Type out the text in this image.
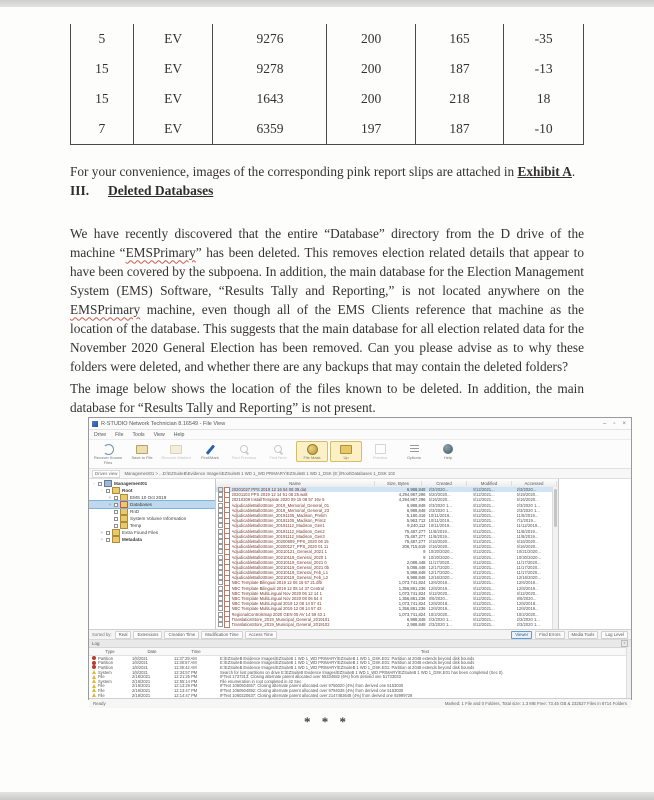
5	EV	9276	200	165	-35
15	EV	9278	200	187	-13
15	EV	1643	200	218	18
7	EV	6359	197	187	-10

For your convenience, images of the corresponding pink report slips are attached in Exhibit A.

III. Deleted Databases

We have recently discovered that the entire “Database” directory from the D drive of the machine “EMSPrimary” has been deleted. This removes election related details that appear to have been covered by the subpoena. In addition, the main database for the Election Management System (EMS) Software, “Results Tally and Reporting,” is not located anywhere on the EMSPrimary machine, even though all of the EMS Clients reference that machine as the location of the database. This suggests that the main database for all election related data for the November 2020 General Election has been removed. Can you please advise as to why these folders were deleted, and whether there are any backups that may contain the deleted folders?

The image below shows the location of the files known to be deleted. In addition, the main database for “Results Tally and Reporting” is not present.

R-STUDIO Network Technician 8.16549 - File View	– ▫ ×
Drive File Tools View Help
Recover Known Files
Save to File Recover Marked	Find/Mark	Find Previous	Find Next	File Mask	Up	Preview	Options	Help
Drives view	Management01 > ...D:\EZSuiteB\Evidence Images\EZSuiteB 1 WD 1_WD PRIMARY\EZSuiteB 1 WD 1_DSK (E:)\Root\Databases 1_DSK 102
-	Management01
-	Root
+	EMS 10 Oct 2019
+	Databases
RnD
System Volume Information
Temp
+	Extra Found Files
+	Metadata
Name	Size, Bytes	Created	Modified	Accessed
20201027 PPS 2019 12 16 54 08 39.dat	6,988,848 2/3/2020...	4/12/2021...	2/3/2020...
20201103 PPS 2019 12 14 51 08 25.walt	4,294,967,296 5/20/2020...	4/12/2021...	5/19/2020...
20210309 InstallTemplate 2020 09 15 08 57 16v 5	4,294,967,296 5/16/2020...	4/12/2021...	5/16/2020...
AdjudicableBallotStore_2019_Memorial_General_01	6,988,848 2/3/2020 1...	4/12/2021...	2/3/2020 1...
AdjudicableBallotStore_2019_Memorial_General_23	6,988,848 2/3/2020 1...	4/12/2021...	2/3/2020 1...
AdjudicableBallotStore_20191105_Madison_Prelim	5,180,416 10/11/2019...	4/12/2021...	11/5/2019...
AdjudicableBallotStore_20191105_Madison_Prim2	5,963,712 10/11/2019...	4/12/2021...	7/1/2019...
AdjudicableBallotStore_20191112_Madison_Gen1	9,240,112 10/11/2019...	4/12/2021...	11/12/2019...
AdjudicableBallotStore_20191112_Madison_Gen2	75,487,277 11/8/2019...	4/12/2021...	11/8/2019...
AdjudicableBallotStore_20191112_Madison_Gen3	75,487,277 11/8/2019...	4/12/2021...	11/8/2019...
AdjudicableBallotStore_20200609_PPS_2020 06 15	75,487,277 2/16/2020...	4/12/2021...	6/16/2020...
AdjudicableBallotStore_20200127_PPS_2020 01 11	206,715,619 2/16/2020...	4/12/2021...	6/16/2020...
AdjudicableBallotStore_20210121_General_2021 1	9 10/20/2020...	4/12/2021...	10/21/2020...
AdjudicableBallotStore_20210119_General_2020 1	9 10/20/2020...	4/12/2021...	10/30/2020...
AdjudicableBallotStore_20210119_General_2021 0	2,088,448 11/17/2020...	4/12/2021...	11/17/2020...
AdjudicableBallotStore_20210119_General_2021 0b	5,088,448 12/17/2020...	4/12/2021...	11/17/2020...
AdjudicableBallotStore_20210119_General_Feb_L1	5,988,848 12/17/2020...	4/12/2021...	11/17/2020...
AdjudicableBallotStore_20210119_General_Feb_L2	6,988,848 12/16/2020...	4/12/2021...	12/16/2020...
NBC Template Bilingual 2019 12 06 16 57 21.dfb	1,073,741,824 12/6/2019...	4/12/2021...	12/6/2019...
NBC Template Bilingual 2019 12 08 14 37 Central	1,356,861,236 12/8/2019...	4/12/2021...	12/8/2019...
NBC Template MultiLingual Nov 2020 06 12 14 1	1,073,741,824 6/12/2020...	4/12/2021...	6/12/2020...
NBC Template MultiLingual Nov 2020 08 06 54 4	1,356,861,236 8/6/2020...	4/12/2021...	8/6/2020...
NBC Template MultiLingual 2019 12 08 14 57 41	1,073,741,824 12/8/2019...	4/12/2021...	12/8/2019...
NBC Template MultiLingual 2019 12 08 14 57 42	1,356,861,236 12/8/2019...	4/12/2021...	12/8/2019...
RegionalControlsmap 2020 GEN 05 AV 14 59 43 1	1,073,741,824 10/2/2020...	4/12/2021...	10/2/2020...
TranslationStore_2019_Municipal_General_2019101	6,988,848 2/3/2020 1...	4/12/2021...	2/3/2020 1...
TranslationStore_2019_Municipal_General_2019102	2,988,848 2/3/2020 1...	4/12/2021...	2/3/2020 1...
Sorted by:	Real	Extensions	Creation Time	Modification Time	Access Time	Viewer	Find Errors	Media Tools	Log Level
Log	x
Type	Date	Time	Text
Partition	1/8/2021	11:37:29 AM	E:\EZSuiteB Evidence Images\EZSuiteB 1 WD 1_WD PRIMARY\EZSuiteB 1 WD 1_DSK.E01: Partition at 2048 extends beyond disk bounds
Partition	1/8/2021	11:38:57 AM	E:\EZSuiteB Evidence Images\EZSuiteB 1 WD 1_WD PRIMARY\EZSuiteB 1 WD 1_DSK.E01: Partition at 2048 extends beyond disk bounds
Partition	1/8/2021	11:39:42 AM	E:\EZSuiteB Evidence Images\EZSuiteB 1 WD 1_WD PRIMARY\EZSuiteB 1 WD 1_DSK.E01: Partition at 2048 extends beyond disk bounds
System	1/8/2021	12:34:57 PM	Search for lost partitions on drive E:\EZSuiteB Evidence Images\EZSuiteB 1 WD 1_WD PRIMARY\EZSuiteB 1 WD 1_DSK.E01 has been completed (Sec 0).
File	2/18/2021	12:21:25 PM	IFText 1737313: Closing alternate parent allocated over 55334682 (6%) from derived one 51733033
System	2/18/2021	12:55:14 PM	File enumeration in root completed in 42 Sec
File	2/19/2021	12:13:29 PM	IFText 1060504657: Closing alternate parent allocated over 9756020 (4%) from derived one 5153030
File	2/19/2021	12:13:47 PM	IFText 1060504892: Closing alternate parent allocated over 9794036 (4%) from derived one 5153030
File	2/19/2021	12:14:47 PM	IFText 1060220637: Closing alternate parent allocated over 2147483648 (4%) from derived one 92999729
Ready	Marked: 1 File and 0 Folders, Total size: 1.3 MB Free: 73.45 GB & 232527 Files in 8714 Folders
* * *
